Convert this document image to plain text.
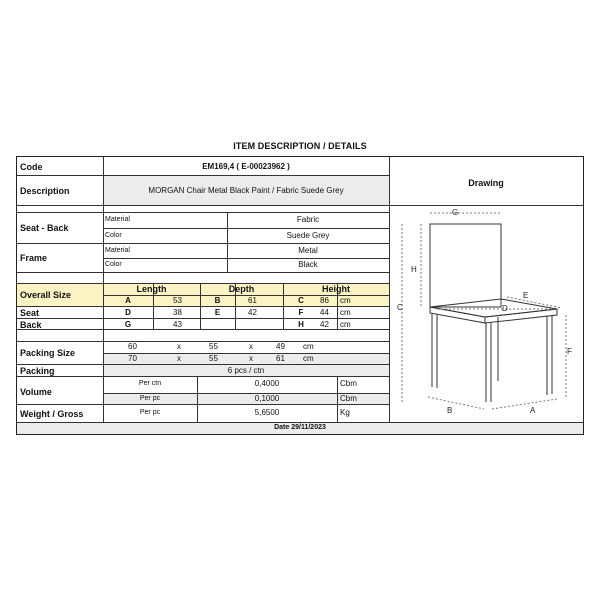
ITEM DESCRIPTION / DETAILS
Code	EM169,4 ( E-00023962 )
Description	MORGAN Chair Metal Black Paint / Fabric Suede Grey
Drawing
Seat - Back
Material	Fabric
Color	Suede Grey
Frame
Material	Metal
Color	Black
Length	Depth	Height
Overall Size
A	53	B	61	C	86 cm
Seat	D	38	E	42	F	44 cm
Back	G	43	H	42 cm
Packing Size
60	x	55	x	49 cm
70	x	55	x	61 cm
Packing	6 pcs / ctn
Volume
Per ctn	0,4000	Cbm
Per pc	0,1000	Cbm
Weight / Gross	Per pc	5,6500	Kg
Date 29/11/2023
G
H
C
E
D
F
B	A
